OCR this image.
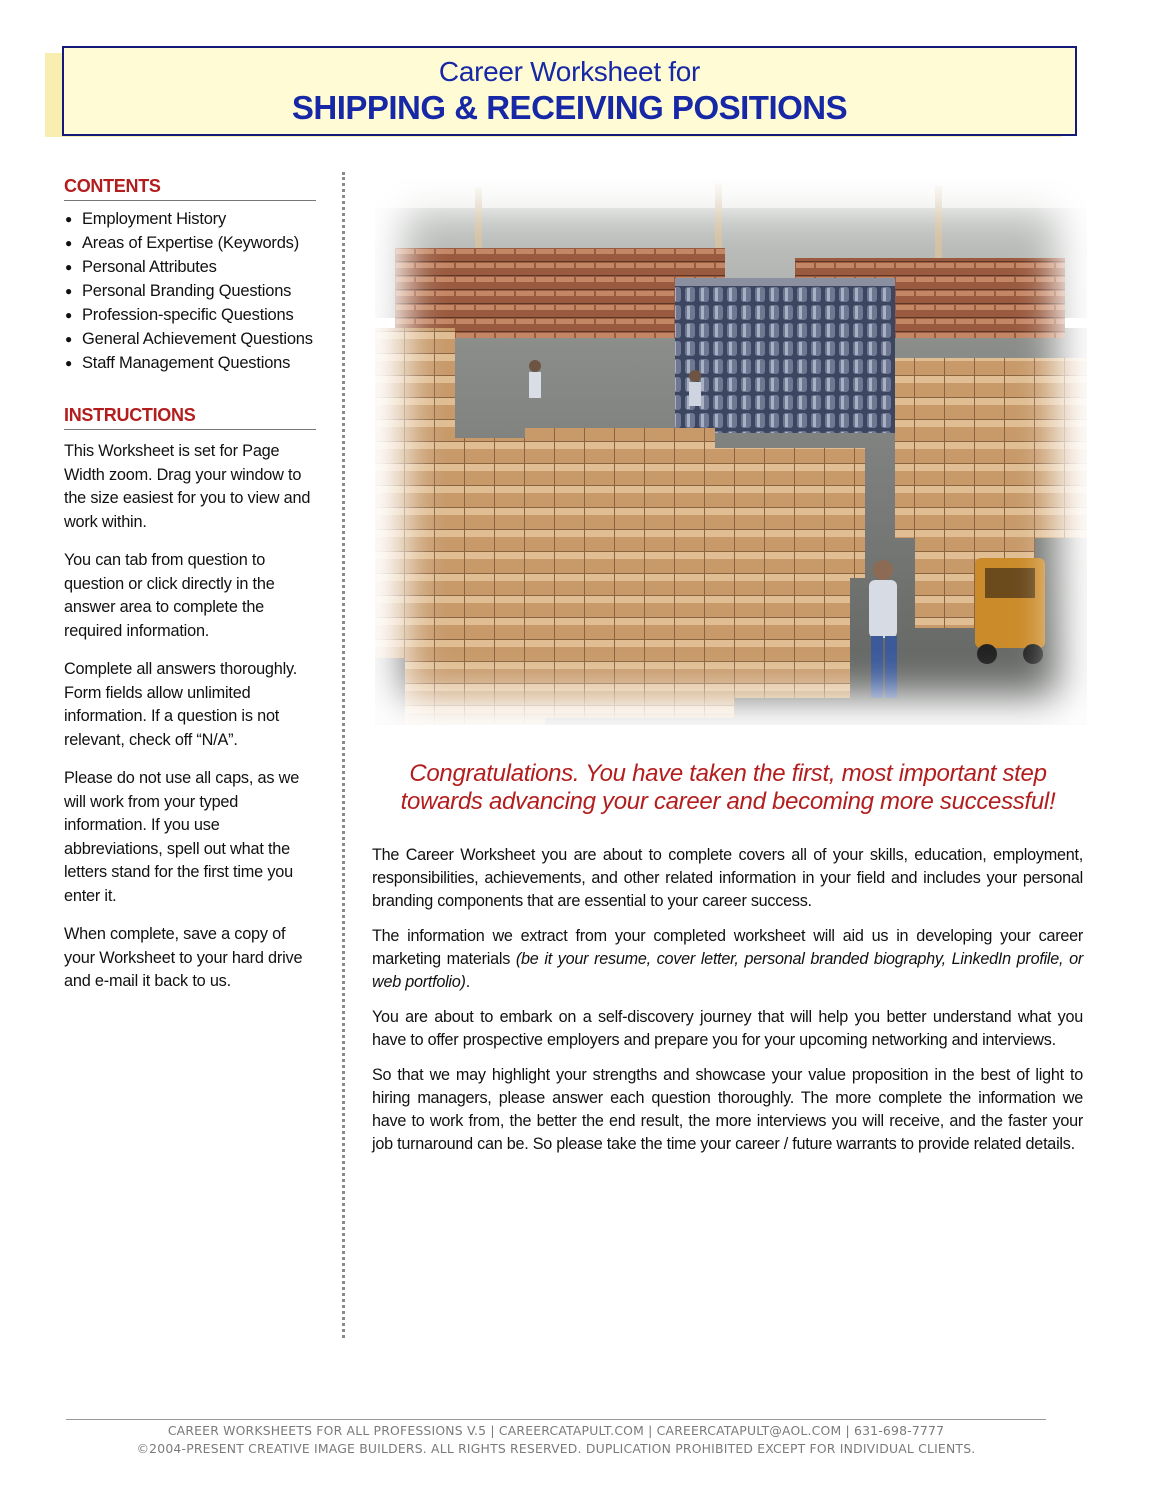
Career Worksheet for
SHIPPING & RECEIVING POSITIONS
CONTENTS
● Employment History
● Areas of Expertise (Keywords)
● Personal Attributes
● Personal Branding Questions
● Profession-specific Questions
● General Achievement Questions
● Staff Management Questions
INSTRUCTIONS

This Worksheet is set for Page Width zoom. Drag your window to the size easiest for you to view and work within.

You can tab from question to question or click directly in the answer area to complete the required information.

Complete all answers thoroughly. Form fields allow unlimited information. If a question is not relevant, check off “N/A”.

Please do not use all caps, as we will work from your typed information. If you use abbreviations, spell out what the letters stand for the first time you enter it.

When complete, save a copy of your Worksheet to your hard drive and e-mail it back to us.

Congratulations. You have taken the first, most important step
towards advancing your career and becoming more successful!

The Career Worksheet you are about to complete covers all of your skills, education, employment, responsibilities, achievements, and other related information in your field and includes your personal branding components that are essential to your career success.

The information we extract from your completed worksheet will aid us in developing your career marketing materials (be it your resume, cover letter, personal branded biography, LinkedIn profile, or web portfolio).

You are about to embark on a self-discovery journey that will help you better understand what you have to offer prospective employers and prepare you for your upcoming networking and interviews.

So that we may highlight your strengths and showcase your value proposition in the best of light to hiring managers, please answer each question thoroughly. The more complete the information we have to work from, the better the end result, the more interviews you will receive, and the faster your job turnaround can be. So please take the time your career / future warrants to provide related details.

CAREER WORKSHEETS FOR ALL PROFESSIONS V.5 | CAREERCATAPULT.COM | CAREERCATAPULT@AOL.COM | 631-698-7777
©2004-PRESENT CREATIVE IMAGE BUILDERS. ALL RIGHTS RESERVED. DUPLICATION PROHIBITED EXCEPT FOR INDIVIDUAL CLIENTS.
